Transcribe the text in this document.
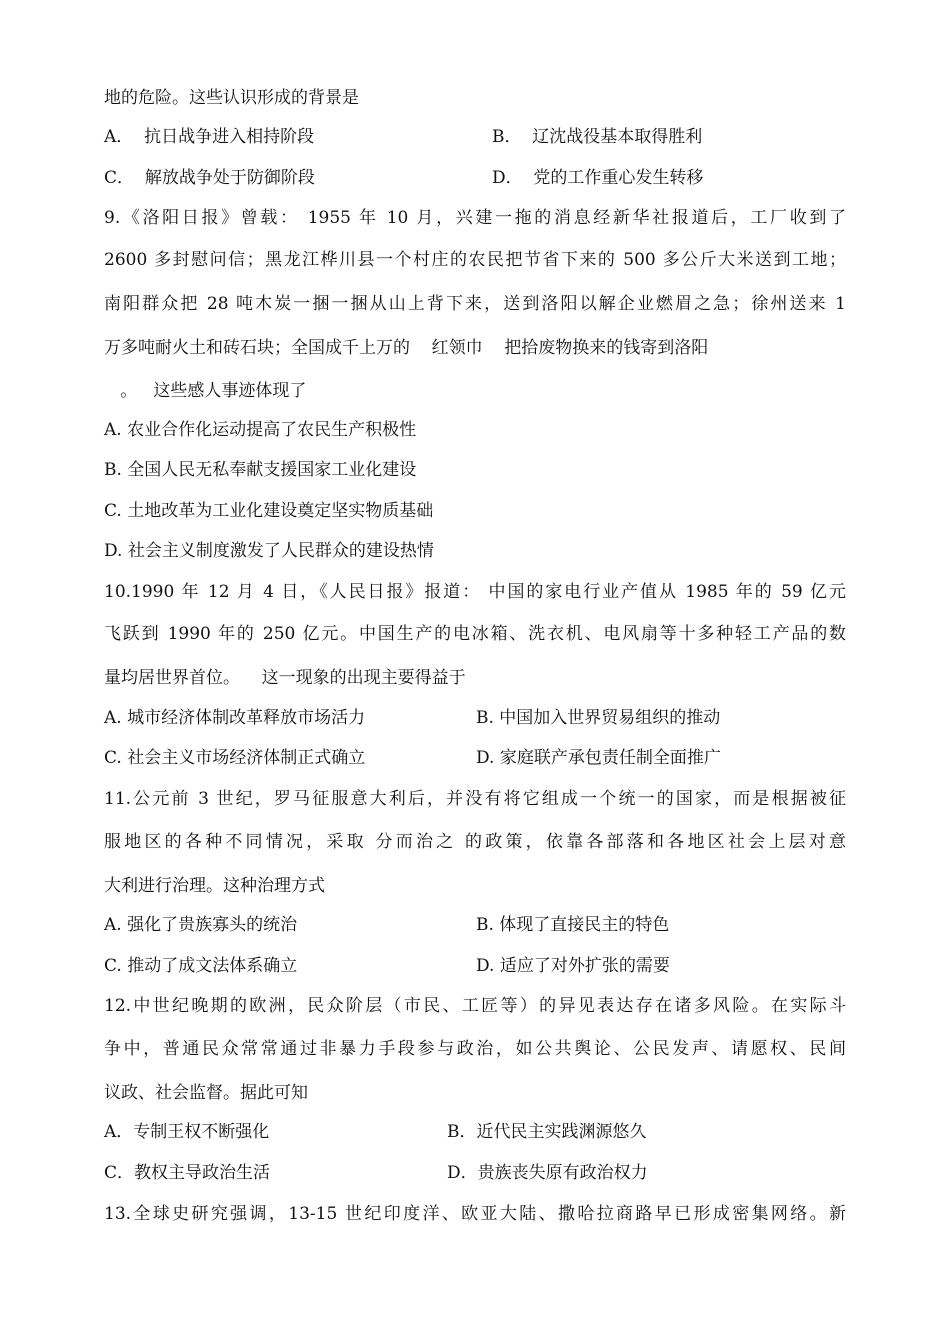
地的危险。这些认识形成的背景是
A．  抗日战争进入相持阶段	B．  辽沈战役基本取得胜利
C．  解放战争处于防御阶段	D．  党的工作重心发生转移
9.《洛阳日报》曾载： 1955 年 10 月，兴建一拖的消息经新华社报道后，工厂收到了
2600 多封慰问信；黑龙江桦川县一个村庄的农民把节省下来的 500 多公斤大米送到工地；
南阳群众把 28 吨木炭一捆一捆从山上背下来，送到洛阳以解企业燃眉之急；徐州送来 1
万多吨耐火土和砖石块；全国成千上万的    红领巾    把拾废物换来的钱寄到洛阳
。   这些感人事迹体现了
A. 农业合作化运动提高了农民生产积极性
B. 全国人民无私奉献支援国家工业化建设
C. 土地改革为工业化建设奠定坚实物质基础
D. 社会主义制度激发了人民群众的建设热情
10.1990 年 12 月 4 日，《人民日报》报道： 中国的家电行业产值从 1985 年的 59 亿元
飞跃到 1990 年的 250 亿元。中国生产的电冰箱、洗衣机、电风扇等十多种轻工产品的数
量均居世界首位。    这一现象的出现主要得益于
A. 城市经济体制改革释放市场活力	B. 中国加入世界贸易组织的推动
C. 社会主义市场经济体制正式确立	D. 家庭联产承包责任制全面推广
11.公元前 3 世纪，罗马征服意大利后，并没有将它组成一个统一的国家，而是根据被征
服地区的各种不同情况，采取 分而治之 的政策，依靠各部落和各地区社会上层对意
大利进行治理。这种治理方式
A. 强化了贵族寡头的统治	B. 体现了直接民主的特色
C. 推动了成文法体系确立	D. 适应了对外扩张的需要
12.中世纪晚期的欧洲，民众阶层（市民、工匠等）的异见表达存在诸多风险。在实际斗
争中，普通民众常常通过非暴力手段参与政治，如公共舆论、公民发声、请愿权、民间
议政、社会监督。据此可知
A．专制王权不断强化	B．近代民主实践渊源悠久
C．教权主导政治生活	D．贵族丧失原有政治权力
13.全球史研究强调，13-15 世纪印度洋、欧亚大陆、撒哈拉商路早已形成密集网络。新
